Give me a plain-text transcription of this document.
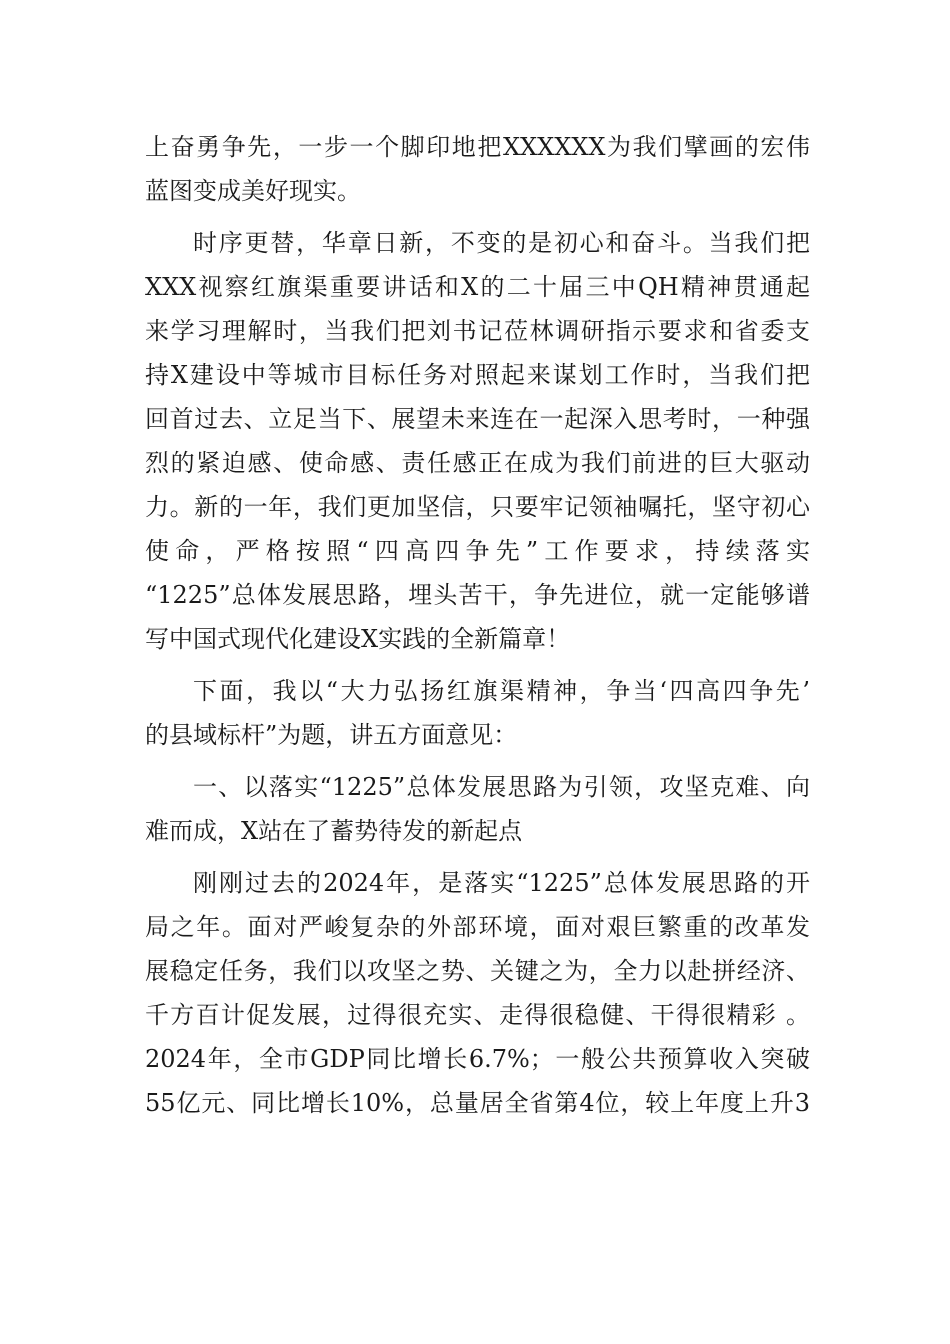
上奋勇争先，一步一个脚印地把XXXXXX为我们擘画的宏伟
蓝图变成美好现实。
时序更替，华章日新，不变的是初心和奋斗。当我们把
XXX视察红旗渠重要讲话和X的二十届三中QH精神贯通起
来学习理解时，当我们把刘书记莅林调研指示要求和省委支
持X建设中等城市目标任务对照起来谋划工作时，当我们把
回首过去、立足当下、展望未来连在一起深入思考时，一种强
烈的紧迫感、使命感、责任感正在成为我们前进的巨大驱动
力。新的一年，我们更加坚信，只要牢记领袖嘱托，坚守初心
使命，严格按照“四高四争先”工作要求，持续落实
“1225”总体发展思路，埋头苦干，争先进位，就一定能够谱
写中国式现代化建设X实践的全新篇章！
下面，我以“大力弘扬红旗渠精神，争当‘四高四争先’
的县域标杆”为题，讲五方面意见：
一、以落实“1225”总体发展思路为引领，攻坚克难、向
难而成，X站在了蓄势待发的新起点
刚刚过去的2024年，是落实“1225”总体发展思路的开
局之年。面对严峻复杂的外部环境，面对艰巨繁重的改革发
展稳定任务，我们以攻坚之势、关键之为，全力以赴拼经济、
千方百计促发展，过得很充实、走得很稳健、干得很精彩 。
2024年，全市GDP同比增长6.7%；一般公共预算收入突破
55亿元、同比增长10%，总量居全省第4位，较上年度上升3
